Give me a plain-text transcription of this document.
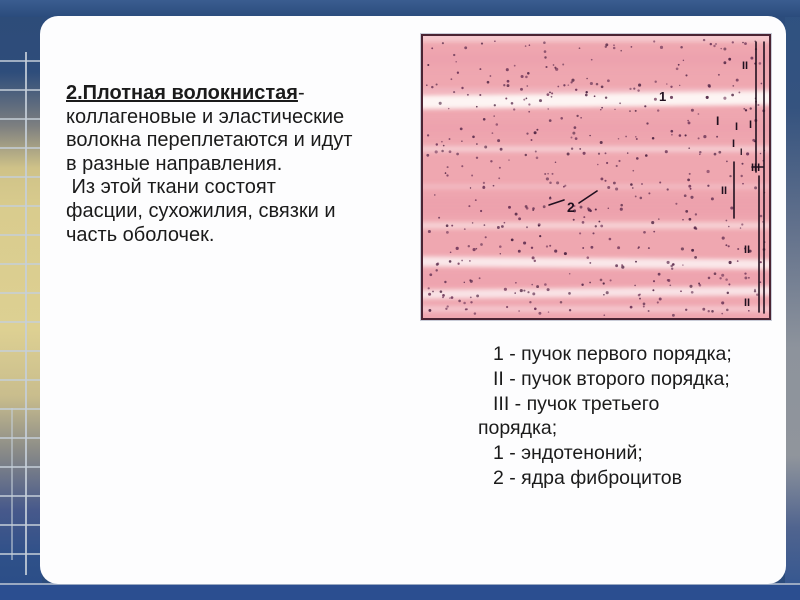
2.Плотная волокнистая-
коллагеновые и эластические
волокна переплетаются и идут
в разные направления.
Из этой ткани состоят
фасции, сухожилия, связки и
часть оболочек.
1
2
II
I I I
I
I
III
II
II
II
1 - пучок первого порядка;
II - пучок второго порядка;
III - пучок третьего
порядка;
1 - эндотеноний;
2 - ядра фиброцитов
